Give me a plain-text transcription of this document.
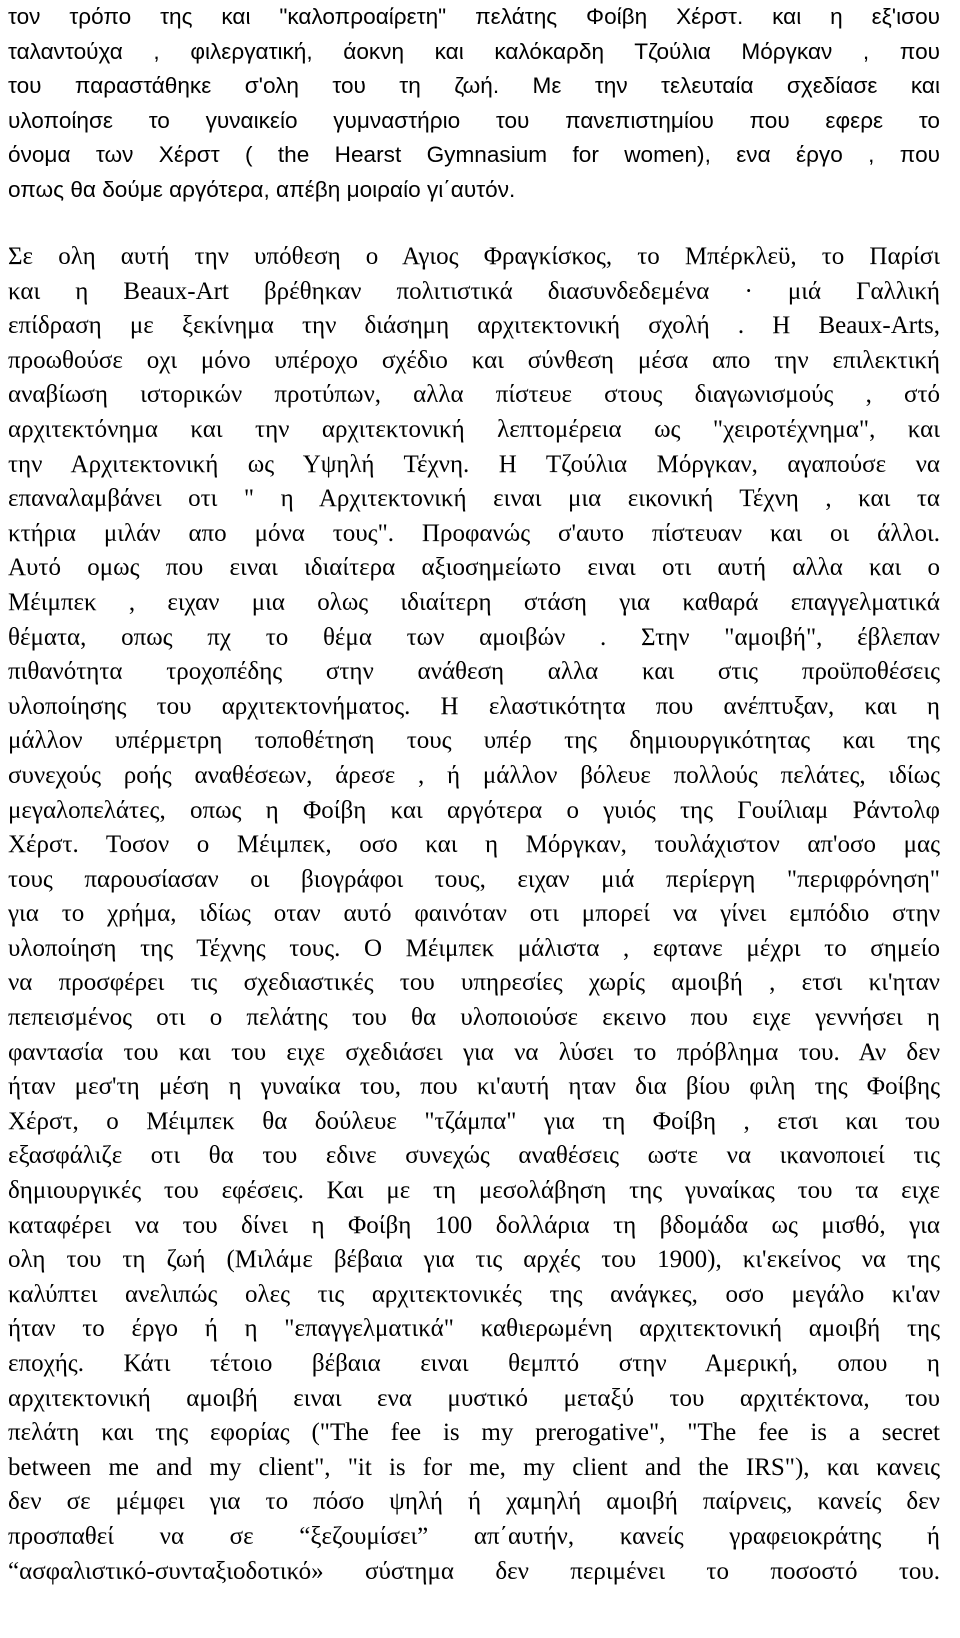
τον τρόπο της και "καλοπροαίρετη" πελάτης Φοίβη Χέρστ. και η εξ'ισου
ταλαντούχα , φιλεργατική, άοκνη και καλόκαρδη Τζούλια Μόργκαν , που
του παραστάθηκε σ'ολη του τη ζωή. Με την τελευταία σχεδίασε και
υλοποίησε το γυναικείο γυμναστήριο του πανεπιστημίου που εφερε το
όνομα των Χέρστ ( the Hearst Gymnasium for women), ενα έργο , που
οπως θα δούμε αργότερα, απέβη μοιραίο γι΄αυτόν.
Σε ολη αυτή την υπόθεση ο Αγιος Φραγκίσκος, το Μπέρκλεϋ, το Παρίσι
και η Beaux-Art βρέθηκαν πολιτιστικά διασυνδεδεμένα · μιά Γαλλική
επίδραση με ξεκίνημα την διάσημη αρχιτεκτονική σχολή . Η Beaux-Arts,
προωθούσε οχι μόνο υπέροχο σχέδιο και σύνθεση μέσα απο την επιλεκτική
αναβίωση ιστορικών προτύπων, αλλα πίστευε στους διαγωνισμούς , στό
αρχιτεκτόνημα και την αρχιτεκτονική λεπτομέρεια ως "χειροτέχνημα", και
την Αρχιτεκτονική ως Υψηλή Τέχνη. Η Τζούλια Μόργκαν, αγαπούσε να
επαναλαμβάνει οτι " η Αρχιτεκτονική ειναι μια εικονική Τέχνη , και τα
κτήρια μιλάν απο μόνα τους". Προφανώς σ'αυτο πίστευαν και οι άλλοι.
Αυτό ομως που ειναι ιδιαίτερα αξιοσημείωτο ειναι οτι αυτή αλλα και ο
Μέιμπεκ , ειχαν μια ολως ιδιαίτερη στάση για καθαρά επαγγελματικά
θέματα, οπως πχ το θέμα των αμοιβών . Στην "αμοιβή", έβλεπαν
πιθανότητα τροχοπέδης στην ανάθεση αλλα και στις προϋποθέσεις
υλοποίησης του αρχιτεκτονήματος. Η ελαστικότητα που ανέπτυξαν, και η
μάλλον υπέρμετρη τοποθέτηση τους υπέρ της δημιουργικότητας και της
συνεχούς ροής αναθέσεων, άρεσε , ή μάλλον βόλευε πολλούς πελάτες, ιδίως
μεγαλοπελάτες, οπως η Φοίβη και αργότερα ο γυιός της Γουίλιαμ Ράντολφ
Χέρστ. Τοσον ο Μέιμπεκ, οσο και η Μόργκαν, τουλάχιστον απ'οσο μας
τους παρουσίασαν οι βιογράφοι τους, ειχαν μιά περίεργη "περιφρόνηση"
για το χρήμα, ιδίως οταν αυτό φαινόταν οτι μπορεί να γίνει εμπόδιο στην
υλοποίηση της Τέχνης τους. Ο Μέιμπεκ μάλιστα , εφτανε μέχρι το σημείο
να προσφέρει τις σχεδιαστικές του υπηρεσίες χωρίς αμοιβή , ετσι κι'ηταν
πεπεισμένος οτι ο πελάτης του θα υλοποιούσε εκεινο που ειχε γεννήσει η
φαντασία του και του ειχε σχεδιάσει για να λύσει το πρόβλημα του. Αν δεν
ήταν μεσ'τη μέση η γυναίκα του, που κι'αυτή ηταν δια βίου φιλη της Φοίβης
Χέρστ, ο Μέιμπεκ θα δούλευε "τζάμπα" για τη Φοίβη , ετσι και του
εξασφάλιζε οτι θα του εδινε συνεχώς αναθέσεις ωστε να ικανοποιεί τις
δημιουργικές του εφέσεις. Και με τη μεσολάβηση της γυναίκας του τα ειχε
καταφέρει να του δίνει η Φοίβη 100 δολλάρια τη βδομάδα ως μισθό, για
ολη του τη ζωή (Μιλάμε βέβαια για τις αρχές του 1900), κι'εκείνος να της
καλύπτει ανελιπώς ολες τις αρχιτεκτονικές της ανάγκες, οσο μεγάλο κι'αν
ήταν το έργο ή η "επαγγελματικά" καθιερωμένη αρχιτεκτονική αμοιβή της
εποχής. Κάτι τέτοιο βέβαια ειναι θεμπτό στην Αμερική, οπου η
αρχιτεκτονική αμοιβή ειναι ενα μυστικό μεταξύ του αρχιτέκτονα, του
πελάτη και της εφορίας ("The fee is my prerogative", "The fee is a secret
between me and my client", "it is for me, my client and the IRS"), και κανεις
δεν σε μέμφει για το πόσο ψηλή ή χαμηλή αμοιβή παίρνεις, κανείς δεν
προσπαθεί να σε “ξεζουμίσει” απ΄αυτήν, κανείς γραφειοκράτης ή
“ασφαλιστικό-συνταξιοδοτικό» σύστημα δεν περιμένει το ποσοστό του.
